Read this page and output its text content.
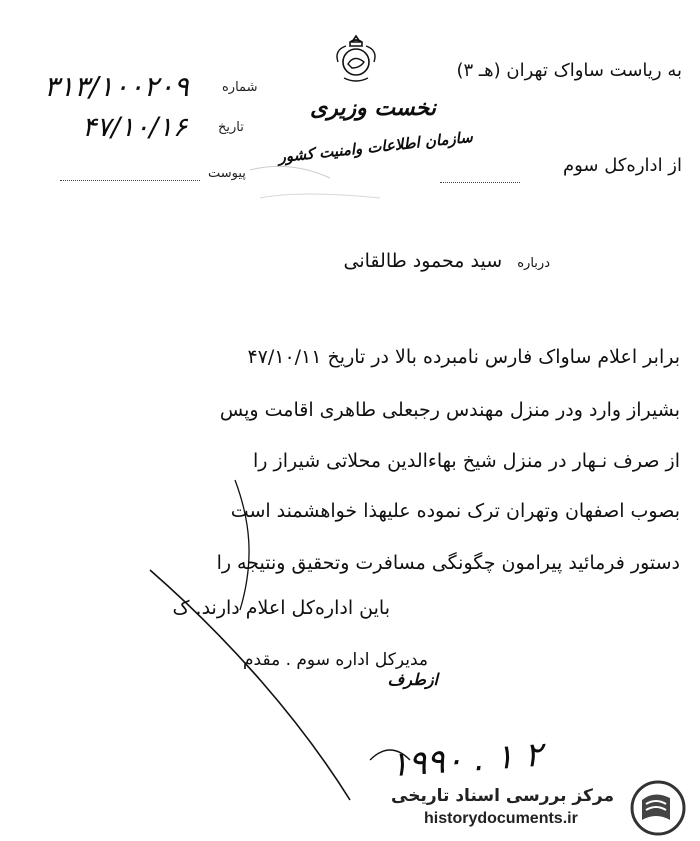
به ریاست ساواک تهران (هـ ۳)
از اداره‌کل سوم
نخست وزیری
سازمان اطلاعات وامنیت کشور
شماره
۳۱۳/۱۰۰۲۰۹
تاریخ
۴۷/۱۰/۱۶
پیوست
درباره سید محمود طالقانی
برابر اعلام ساواک فارس نامبرده بالا در تاریخ ۴۷/۱۰/۱۱
بشیراز وارد ودر منزل مهندس رجبعلی طاهری اقامت وپس
از صرف نـهار در منزل شیخ بهاءالدین محلاتی شیراز را
بصوب اصفهان وتهران ترک نموده علیهذا خواهشمند است
دستور فرمائید پیرامون چگونگی مسافرت وتحقیق ونتیجه را
باین اداره‌کل اعلام دارند. ک
مدیرکل اداره سوم . مقدم
ازطرف
۱۹۹۰ . ۱ ۲
مرکز بررسی اسناد تاریخی
historydocuments.ir
